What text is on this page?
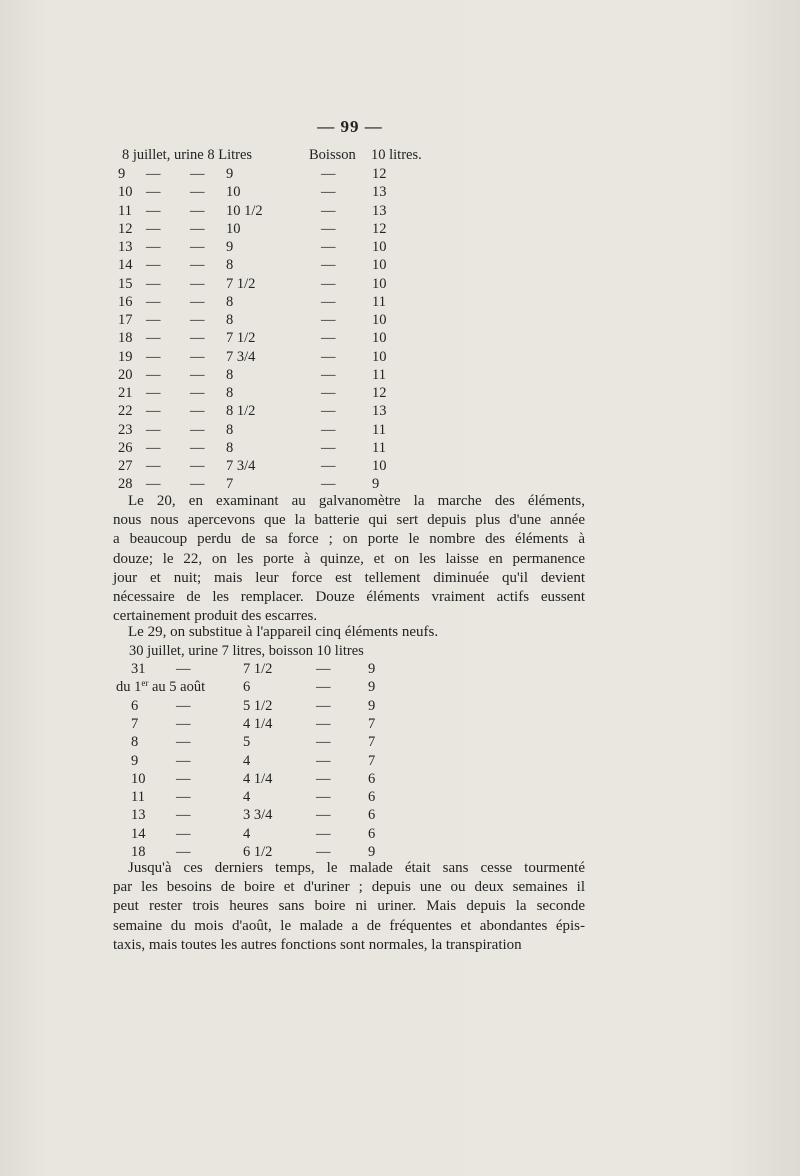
— 99 —
8 juillet, urine 8 Litres	Boisson 10 litres.
9 — — 9	—	12
10 — — 10	—	13
11 — — 10 1/2	—	13
12 — — 10	—	12
13 — — 9	—	10
14 — — 8	—	10
15 — — 7 1/2	—	10
16 — — 8	—	11
17 — — 8	—	10
18 — — 7 1/2	—	10
19 — — 7 3/4	—	10
20 — — 8	—	11
21 — — 8	—	12
22 — — 8 1/2	—	13
23 — — 8	—	11
26 — — 8	—	11
27 — — 7 3/4	—	10
28 — — 7	—	9
Le 20, en examinant au galvanomètre la marche des éléments,
nous nous apercevons que la batterie qui sert depuis plus d'une année
a beaucoup perdu de sa force ; on porte le nombre des éléments à
douze; le 22, on les porte à quinze, et on les laisse en permanence
jour et nuit; mais leur force est tellement diminuée qu'il devient
nécessaire de les remplacer. Douze éléments vraiment actifs eussent
certainement produit des escarres.
Le 29, on substitue à l'appareil cinq éléments neufs.
30 juillet, urine 7 litres, boisson 10 litres
31 —	7 1/2	—	9
du 1er au 5 août	6	—	9
6	—	5 1/2	—	9
7	—	4 1/4	—	7
8	—	5	—	7
9	—	4	—	7
10 —	4 1/4	—	6
11 —	4	—	6
13 —	3 3/4	—	6
14 —	4	—	6
18 —	6 1/2	—	9
Jusqu'à ces derniers temps, le malade était sans cesse tourmenté
par les besoins de boire et d'uriner ; depuis une ou deux semaines il
peut rester trois heures sans boire ni uriner. Mais depuis la seconde
semaine du mois d'août, le malade a de fréquentes et abondantes épis-
taxis, mais toutes les autres fonctions sont normales, la transpiration
